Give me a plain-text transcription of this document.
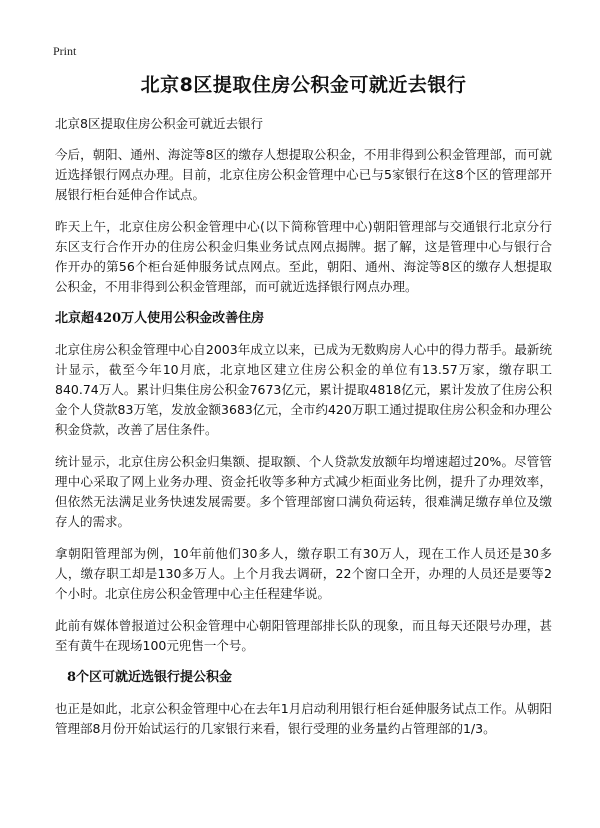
Print
北京8区提取住房公积金可就近去银行
北京8区提取住房公积金可就近去银行

今后，朝阳、通州、海淀等8区的缴存人想提取公积金，不用非得到公积金管理部，而可就近选择银行网点办理。目前，北京住房公积金管理中心已与5家银行在这8个区的管理部开展银行柜台延伸合作试点。

昨天上午，北京住房公积金管理中心(以下简称管理中心)朝阳管理部与交通银行北京分行东区支行合作开办的住房公积金归集业务试点网点揭牌。据了解，这是管理中心与银行合作开办的第56个柜台延伸服务试点网点。至此，朝阳、通州、海淀等8区的缴存人想提取公积金，不用非得到公积金管理部，而可就近选择银行网点办理。

北京超420万人使用公积金改善住房

北京住房公积金管理中心自2003年成立以来，已成为无数购房人心中的得力帮手。最新统计显示，截至今年10月底，北京地区建立住房公积金的单位有13.57万家，缴存职工840.74万人。累计归集住房公积金7673亿元，累计提取4818亿元，累计发放了住房公积金个人贷款83万笔，发放金额3683亿元，全市约420万职工通过提取住房公积金和办理公积金贷款，改善了居住条件。

统计显示，北京住房公积金归集额、提取额、个人贷款发放额年均增速超过20%。尽管管理中心采取了网上业务办理、资金托收等多种方式减少柜面业务比例，提升了办理效率，但依然无法满足业务快速发展需要。多个管理部窗口满负荷运转，很难满足缴存单位及缴存人的需求。

拿朝阳管理部为例，10年前他们30多人，缴存职工有30万人，现在工作人员还是30多人，缴存职工却是130多万人。上个月我去调研，22个窗口全开，办理的人员还是要等2个小时。北京住房公积金管理中心主任程建华说。

此前有媒体曾报道过公积金管理中心朝阳管理部排长队的现象，而且每天还限号办理，甚至有黄牛在现场100元兜售一个号。

8个区可就近选银行提公积金

也正是如此，北京公积金管理中心在去年1月启动利用银行柜台延伸服务试点工作。从朝阳管理部8月份开始试运行的几家银行来看，银行受理的业务量约占管理部的1/3。
